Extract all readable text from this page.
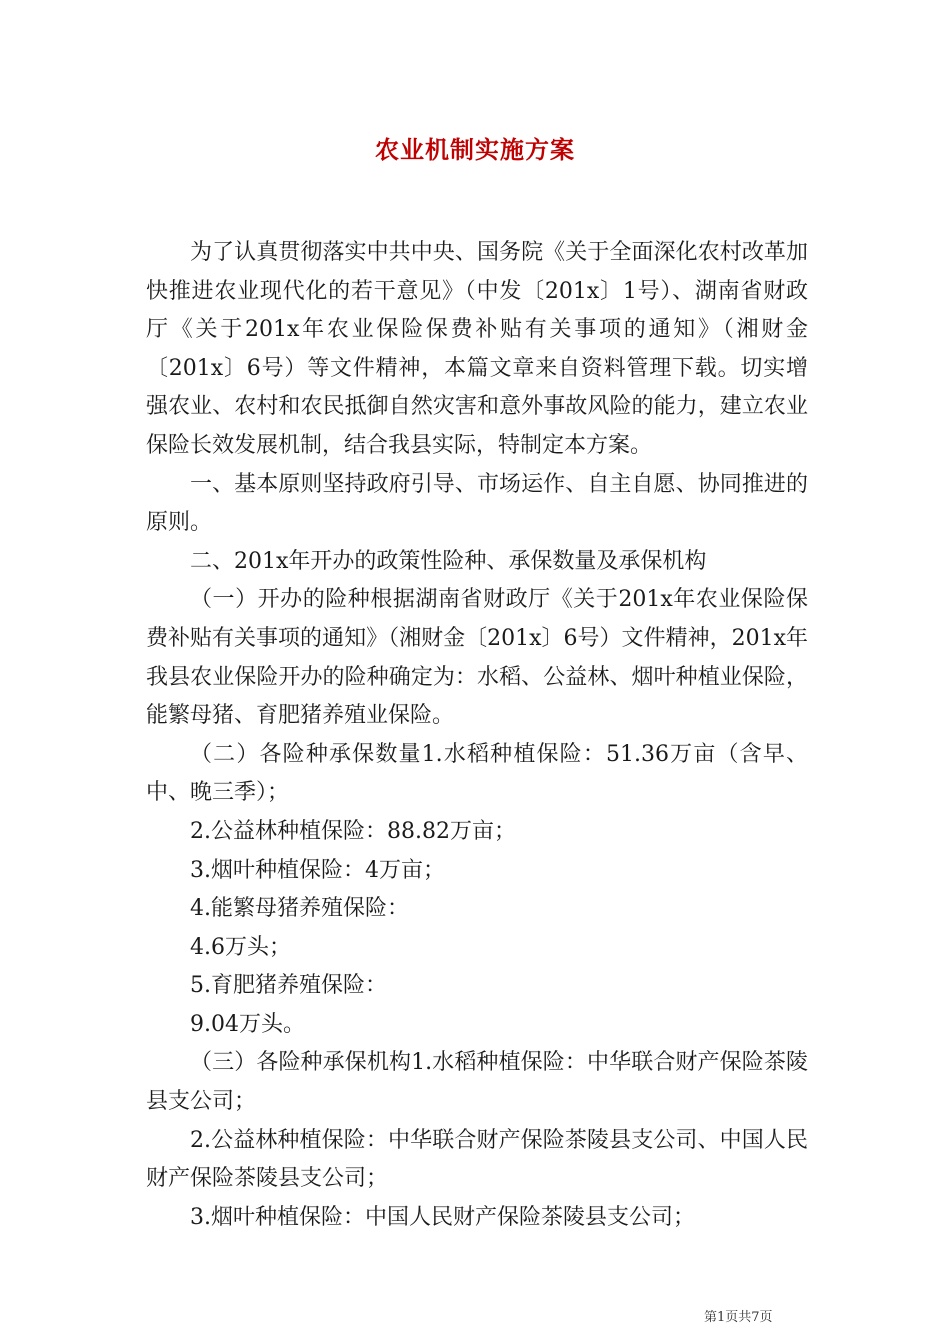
农业机制实施方案

为了认真贯彻落实中共中央、国务院《关于全面深化农村改革加快推进农业现代化的若干意见》（中发〔201x〕1号）、湖南省财政厅《关于201x年农业保险保费补贴有关事项的通知》（湘财金〔201x〕6号）等文件精神，本篇文章来自资料管理下载。切实增强农业、农村和农民抵御自然灾害和意外事故风险的能力，建立农业保险长效发展机制，结合我县实际，特制定本方案。

一、基本原则坚持政府引导、市场运作、自主自愿、协同推进的原则。

二、201x年开办的政策性险种、承保数量及承保机构

（一）开办的险种根据湖南省财政厅《关于201x年农业保险保费补贴有关事项的通知》（湘财金〔201x〕6号）文件精神，201x年我县农业保险开办的险种确定为：水稻、公益林、烟叶种植业保险，能繁母猪、育肥猪养殖业保险。

（二）各险种承保数量1.水稻种植保险：51.36万亩（含早、中、晚三季）；

2.公益林种植保险：88.82万亩；

3.烟叶种植保险：4万亩；

4.能繁母猪养殖保险：

4.6万头；

5.育肥猪养殖保险：

9.04万头。

（三）各险种承保机构1.水稻种植保险：中华联合财产保险茶陵县支公司；

2.公益林种植保险：中华联合财产保险茶陵县支公司、中国人民财产保险茶陵县支公司；

3.烟叶种植保险：中国人民财产保险茶陵县支公司；

第1页共7页
